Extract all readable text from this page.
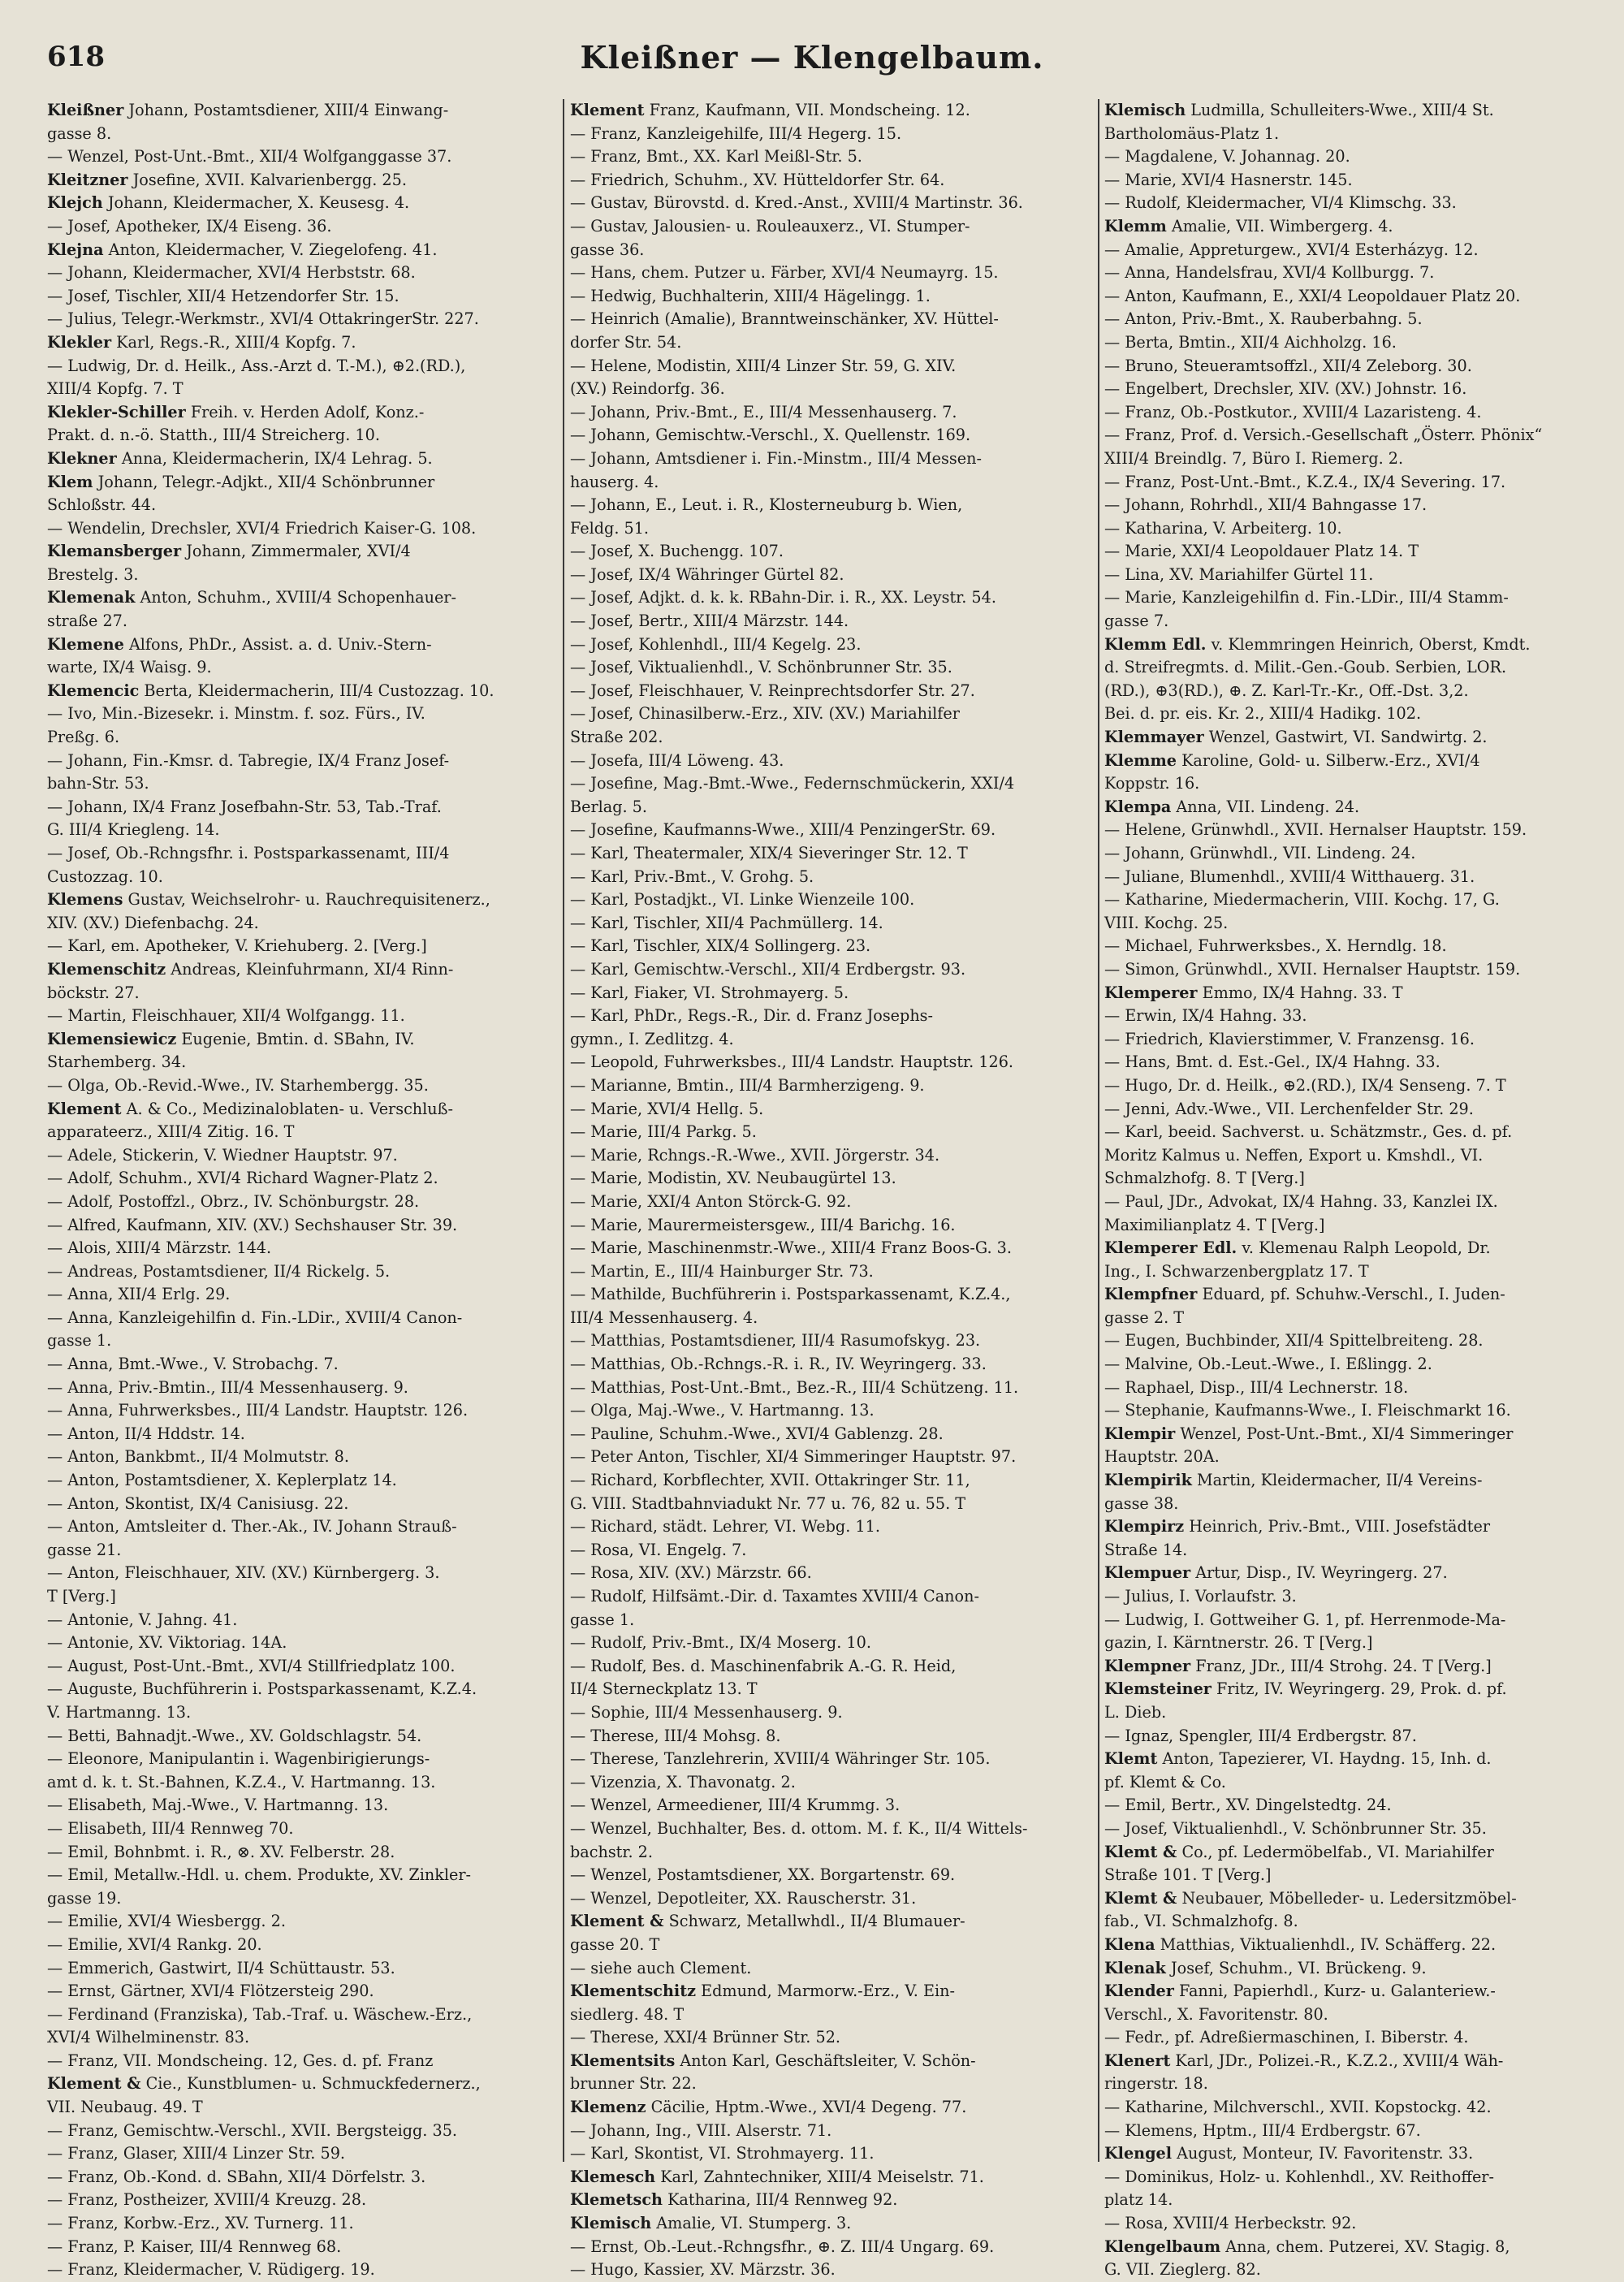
618	Kleißner — Klengelbaum.

Kleißner Johann, Postamtsdiener, XIII/4 Einwang-

gasse 8.

— Wenzel, Post-Unt.-Bmt., XII/4 Wolfganggasse 37.

Kleitzner Josefine, XVII. Kalvarienbergg. 25.

Klejch Johann, Kleidermacher, X. Keusesg. 4.

— Josef, Apotheker, IX/4 Eiseng. 36.

Klejna Anton, Kleidermacher, V. Ziegelofeng. 41.

— Johann, Kleidermacher, XVI/4 Herbststr. 68.

— Josef, Tischler, XII/4 Hetzendorfer Str. 15.

— Julius, Telegr.-Werkmstr., XVI/4 OttakringerStr. 227.

Klekler Karl, Regs.-R., XIII/4 Kopfg. 7.

— Ludwig, Dr. d. Heilk., Ass.-Arzt d. T.-M.), ⊕2.(RD.),

XIII/4 Kopfg. 7. T

Klekler-Schiller Freih. v. Herden Adolf, Konz.-

Prakt. d. n.-ö. Statth., III/4 Streicherg. 10.

Klekner Anna, Kleidermacherin, IX/4 Lehrag. 5.

Klem Johann, Telegr.-Adjkt., XII/4 Schönbrunner

Schloßstr. 44.

— Wendelin, Drechsler, XVI/4 Friedrich Kaiser-G. 108.

Klemansberger Johann, Zimmermaler, XVI/4

Brestelg. 3.

Klemenak Anton, Schuhm., XVIII/4 Schopenhauer-

straße 27.

Klemene Alfons, PhDr., Assist. a. d. Univ.-Stern-

warte, IX/4 Waisg. 9.

Klemencic Berta, Kleidermacherin, III/4 Custozzag. 10.

— Ivo, Min.-Bizesekr. i. Minstm. f. soz. Fürs., IV.

Preßg. 6.

— Johann, Fin.-Kmsr. d. Tabregie, IX/4 Franz Josef-

bahn-Str. 53.

— Johann, IX/4 Franz Josefbahn-Str. 53, Tab.-Traf.

G. III/4 Kriegleng. 14.

— Josef, Ob.-Rchngsfhr. i. Postsparkassenamt, III/4

Custozzag. 10.

Klemens Gustav, Weichselrohr- u. Rauchrequisitenerz.,

XIV. (XV.) Diefenbachg. 24.

— Karl, em. Apotheker, V. Kriehuberg. 2. [Verg.]

Klemenschitz Andreas, Kleinfuhrmann, XI/4 Rinn-

böckstr. 27.

— Martin, Fleischhauer, XII/4 Wolfgangg. 11.

Klemensiewicz Eugenie, Bmtin. d. SBahn, IV.

Starhemberg. 34.

— Olga, Ob.-Revid.-Wwe., IV. Starhembergg. 35.

Klement A. & Co., Medizinaloblaten- u. Verschluß-

apparateerz., XIII/4 Zitig. 16. T

— Adele, Stickerin, V. Wiedner Hauptstr. 97.

— Adolf, Schuhm., XVI/4 Richard Wagner-Platz 2.

— Adolf, Postoffzl., Obrz., IV. Schönburgstr. 28.

— Alfred, Kaufmann, XIV. (XV.) Sechshauser Str. 39.

— Alois, XIII/4 Märzstr. 144.

— Andreas, Postamtsdiener, II/4 Rickelg. 5.

— Anna, XII/4 Erlg. 29.

— Anna, Kanzleigehilfin d. Fin.-LDir., XVIII/4 Canon-

gasse 1.

— Anna, Bmt.-Wwe., V. Strobachg. 7.

— Anna, Priv.-Bmtin., III/4 Messenhauserg. 9.

— Anna, Fuhrwerksbes., III/4 Landstr. Hauptstr. 126.

— Anton, II/4 Hddstr. 14.

— Anton, Bankbmt., II/4 Molmutstr. 8.

— Anton, Postamtsdiener, X. Keplerplatz 14.

— Anton, Skontist, IX/4 Canisiusg. 22.

— Anton, Amtsleiter d. Ther.-Ak., IV. Johann Strauß-

gasse 21.

— Anton, Fleischhauer, XIV. (XV.) Kürnbergerg. 3.

T [Verg.]

— Antonie, V. Jahng. 41.

— Antonie, XV. Viktoriag. 14A.

— August, Post-Unt.-Bmt., XVI/4 Stillfriedplatz 100.

— Auguste, Buchführerin i. Postsparkassenamt, K.Z.4.

V. Hartmanng. 13.

— Betti, Bahnadjt.-Wwe., XV. Goldschlagstr. 54.

— Eleonore, Manipulantin i. Wagenbirigierungs-

amt d. k. t. St.-Bahnen, K.Z.4., V. Hartmanng. 13.

— Elisabeth, Maj.-Wwe., V. Hartmanng. 13.

— Elisabeth, III/4 Rennweg 70.

— Emil, Bohnbmt. i. R., ⊗. XV. Felberstr. 28.

— Emil, Metallw.-Hdl. u. chem. Produkte, XV. Zinkler-

gasse 19.

— Emilie, XVI/4 Wiesbergg. 2.

— Emilie, XVI/4 Rankg. 20.

— Emmerich, Gastwirt, II/4 Schüttaustr. 53.

— Ernst, Gärtner, XVI/4 Flötzersteig 290.

— Ferdinand (Franziska), Tab.-Traf. u. Wäschew.-Erz.,

XVI/4 Wilhelminenstr. 83.

— Franz, VII. Mondscheing. 12, Ges. d. pf. Franz

Klement & Cie., Kunstblumen- u. Schmuckfedernerz.,

VII. Neubaug. 49. T

— Franz, Gemischtw.-Verschl., XVII. Bergsteigg. 35.

— Franz, Glaser, XIII/4 Linzer Str. 59.

— Franz, Ob.-Kond. d. SBahn, XII/4 Dörfelstr. 3.

— Franz, Postheizer, XVIII/4 Kreuzg. 28.

— Franz, Korbw.-Erz., XV. Turnerg. 11.

— Franz, P. Kaiser, III/4 Rennweg 68.

— Franz, Kleidermacher, V. Rüdigerg. 19.

Klement Franz, Kaufmann, VII. Mondscheing. 12.

— Franz, Kanzleigehilfe, III/4 Hegerg. 15.

— Franz, Bmt., XX. Karl Meißl-Str. 5.

— Friedrich, Schuhm., XV. Hütteldorfer Str. 64.

— Gustav, Bürovstd. d. Kred.-Anst., XVIII/4 Martinstr. 36.

— Gustav, Jalousien- u. Rouleauxerz., VI. Stumper-

gasse 36.

— Hans, chem. Putzer u. Färber, XVI/4 Neumayrg. 15.

— Hedwig, Buchhalterin, XIII/4 Hägelingg. 1.

— Heinrich (Amalie), Branntweinschänker, XV. Hüttel-

dorfer Str. 54.

— Helene, Modistin, XIII/4 Linzer Str. 59, G. XIV.

(XV.) Reindorfg. 36.

— Johann, Priv.-Bmt., E., III/4 Messenhauserg. 7.

— Johann, Gemischtw.-Verschl., X. Quellenstr. 169.

— Johann, Amtsdiener i. Fin.-Minstm., III/4 Messen-

hauserg. 4.

— Johann, E., Leut. i. R., Klosterneuburg b. Wien,

Feldg. 51.

— Josef, X. Buchengg. 107.

— Josef, IX/4 Währinger Gürtel 82.

— Josef, Adjkt. d. k. k. RBahn-Dir. i. R., XX. Leystr. 54.

— Josef, Bertr., XIII/4 Märzstr. 144.

— Josef, Kohlenhdl., III/4 Kegelg. 23.

— Josef, Viktualienhdl., V. Schönbrunner Str. 35.

— Josef, Fleischhauer, V. Reinprechtsdorfer Str. 27.

— Josef, Chinasilberw.-Erz., XIV. (XV.) Mariahilfer

Straße 202.

— Josefa, III/4 Löweng. 43.

— Josefine, Mag.-Bmt.-Wwe., Federnschmückerin, XXI/4

Berlag. 5.

— Josefine, Kaufmanns-Wwe., XIII/4 PenzingerStr. 69.

— Karl, Theatermaler, XIX/4 Sieveringer Str. 12. T

— Karl, Priv.-Bmt., V. Grohg. 5.

— Karl, Postadjkt., VI. Linke Wienzeile 100.

— Karl, Tischler, XII/4 Pachmüllerg. 14.

— Karl, Tischler, XIX/4 Sollingerg. 23.

— Karl, Gemischtw.-Verschl., XII/4 Erdbergstr. 93.

— Karl, Fiaker, VI. Strohmayerg. 5.

— Karl, PhDr., Regs.-R., Dir. d. Franz Josephs-

gymn., I. Zedlitzg. 4.

— Leopold, Fuhrwerksbes., III/4 Landstr. Hauptstr. 126.

— Marianne, Bmtin., III/4 Barmherzigeng. 9.

— Marie, XVI/4 Hellg. 5.

— Marie, III/4 Parkg. 5.

— Marie, Rchngs.-R.-Wwe., XVII. Jörgerstr. 34.

— Marie, Modistin, XV. Neubaugürtel 13.

— Marie, XXI/4 Anton Störck-G. 92.

— Marie, Maurermeistersgew., III/4 Barichg. 16.

— Marie, Maschinenmstr.-Wwe., XIII/4 Franz Boos-G. 3.

— Martin, E., III/4 Hainburger Str. 73.

— Mathilde, Buchführerin i. Postsparkassenamt, K.Z.4.,

III/4 Messenhauserg. 4.

— Matthias, Postamtsdiener, III/4 Rasumofskyg. 23.

— Matthias, Ob.-Rchngs.-R. i. R., IV. Weyringerg. 33.

— Matthias, Post-Unt.-Bmt., Bez.-R., III/4 Schützeng. 11.

— Olga, Maj.-Wwe., V. Hartmanng. 13.

— Pauline, Schuhm.-Wwe., XVI/4 Gablenzg. 28.

— Peter Anton, Tischler, XI/4 Simmeringer Hauptstr. 97.

— Richard, Korbflechter, XVII. Ottakringer Str. 11,

G. VIII. Stadtbahnviadukt Nr. 77 u. 76, 82 u. 55. T

— Richard, städt. Lehrer, VI. Webg. 11.

— Rosa, VI. Engelg. 7.

— Rosa, XIV. (XV.) Märzstr. 66.

— Rudolf, Hilfsämt.-Dir. d. Taxamtes XVIII/4 Canon-

gasse 1.

— Rudolf, Priv.-Bmt., IX/4 Moserg. 10.

— Rudolf, Bes. d. Maschinenfabrik A.-G. R. Heid,

II/4 Sterneckplatz 13. T

— Sophie, III/4 Messenhauserg. 9.

— Therese, III/4 Mohsg. 8.

— Therese, Tanzlehrerin, XVIII/4 Währinger Str. 105.

— Vizenzia, X. Thavonatg. 2.

— Wenzel, Armeediener, III/4 Krummg. 3.

— Wenzel, Buchhalter, Bes. d. ottom. M. f. K., II/4 Wittels-

bachstr. 2.

— Wenzel, Postamtsdiener, XX. Borgartenstr. 69.

— Wenzel, Depotleiter, XX. Rauscherstr. 31.

Klement & Schwarz, Metallwhdl., II/4 Blumauer-

gasse 20. T

— siehe auch Clement.

Klementschitz Edmund, Marmorw.-Erz., V. Ein-

siedlerg. 48. T

— Therese, XXI/4 Brünner Str. 52.

Klementsits Anton Karl, Geschäftsleiter, V. Schön-

brunner Str. 22.

Klemenz Cäcilie, Hptm.-Wwe., XVI/4 Degeng. 77.

— Johann, Ing., VIII. Alserstr. 71.

— Karl, Skontist, VI. Strohmayerg. 11.

Klemesch Karl, Zahntechniker, XIII/4 Meiselstr. 71.

Klemetsch Katharina, III/4 Rennweg 92.

Klemisch Amalie, VI. Stumperg. 3.

— Ernst, Ob.-Leut.-Rchngsfhr., ⊕. Z. III/4 Ungarg. 69.

— Hugo, Kassier, XV. Märzstr. 36.

Klemisch Ludmilla, Schulleiters-Wwe., XIII/4 St.

Bartholomäus-Platz 1.

— Magdalene, V. Johannag. 20.

— Marie, XVI/4 Hasnerstr. 145.

— Rudolf, Kleidermacher, VI/4 Klimschg. 33.

Klemm Amalie, VII. Wimbergerg. 4.

— Amalie, Appreturgew., XVI/4 Esterházyg. 12.

— Anna, Handelsfrau, XVI/4 Kollburgg. 7.

— Anton, Kaufmann, E., XXI/4 Leopoldauer Platz 20.

— Anton, Priv.-Bmt., X. Rauberbahng. 5.

— Berta, Bmtin., XII/4 Aichholzg. 16.

— Bruno, Steueramtsoffzl., XII/4 Zeleborg. 30.

— Engelbert, Drechsler, XIV. (XV.) Johnstr. 16.

— Franz, Ob.-Postkutor., XVIII/4 Lazaristeng. 4.

— Franz, Prof. d. Versich.-Gesellschaft „Österr. Phönix“

XIII/4 Breindlg. 7, Büro I. Riemerg. 2.

— Franz, Post-Unt.-Bmt., K.Z.4., IX/4 Severing. 17.

— Johann, Rohrhdl., XII/4 Bahngasse 17.

— Katharina, V. Arbeiterg. 10.

— Marie, XXI/4 Leopoldauer Platz 14. T

— Lina, XV. Mariahilfer Gürtel 11.

— Marie, Kanzleigehilfin d. Fin.-LDir., III/4 Stamm-

gasse 7.

Klemm Edl. v. Klemmringen Heinrich, Oberst, Kmdt.

d. Streifregmts. d. Milit.-Gen.-Goub. Serbien, LOR.

(RD.), ⊕3(RD.), ⊕. Z. Karl-Tr.-Kr., Off.-Dst. 3,2.

Bei. d. pr. eis. Kr. 2., XIII/4 Hadikg. 102.

Klemmayer Wenzel, Gastwirt, VI. Sandwirtg. 2.

Klemme Karoline, Gold- u. Silberw.-Erz., XVI/4

Koppstr. 16.

Klempa Anna, VII. Lindeng. 24.

— Helene, Grünwhdl., XVII. Hernalser Hauptstr. 159.

— Johann, Grünwhdl., VII. Lindeng. 24.

— Juliane, Blumenhdl., XVIII/4 Witthauerg. 31.

— Katharine, Miedermacherin, VIII. Kochg. 17, G.

VIII. Kochg. 25.

— Michael, Fuhrwerksbes., X. Herndlg. 18.

— Simon, Grünwhdl., XVII. Hernalser Hauptstr. 159.

Klemperer Emmo, IX/4 Hahng. 33. T

— Erwin, IX/4 Hahng. 33.

— Friedrich, Klavierstimmer, V. Franzensg. 16.

— Hans, Bmt. d. Est.-Gel., IX/4 Hahng. 33.

— Hugo, Dr. d. Heilk., ⊕2.(RD.), IX/4 Senseng. 7. T

— Jenni, Adv.-Wwe., VII. Lerchenfelder Str. 29.

— Karl, beeid. Sachverst. u. Schätzmstr., Ges. d. pf.

Moritz Kalmus u. Neffen, Export u. Kmshdl., VI.

Schmalzhofg. 8. T [Verg.]

— Paul, JDr., Advokat, IX/4 Hahng. 33, Kanzlei IX.

Maximilianplatz 4. T [Verg.]

Klemperer Edl. v. Klemenau Ralph Leopold, Dr.

Ing., I. Schwarzenbergplatz 17. T

Klempfner Eduard, pf. Schuhw.-Verschl., I. Juden-

gasse 2. T

— Eugen, Buchbinder, XII/4 Spittelbreiteng. 28.

— Malvine, Ob.-Leut.-Wwe., I. Eßlingg. 2.

— Raphael, Disp., III/4 Lechnerstr. 18.

— Stephanie, Kaufmanns-Wwe., I. Fleischmarkt 16.

Klempir Wenzel, Post-Unt.-Bmt., XI/4 Simmeringer

Hauptstr. 20A.

Klempirik Martin, Kleidermacher, II/4 Vereins-

gasse 38.

Klempirz Heinrich, Priv.-Bmt., VIII. Josefstädter

Straße 14.

Klempuer Artur, Disp., IV. Weyringerg. 27.

— Julius, I. Vorlaufstr. 3.

— Ludwig, I. Gottweiher G. 1, pf. Herrenmode-Ma-

gazin, I. Kärntnerstr. 26. T [Verg.]

Klempner Franz, JDr., III/4 Strohg. 24. T [Verg.]

Klemsteiner Fritz, IV. Weyringerg. 29, Prok. d. pf.

L. Dieb.

— Ignaz, Spengler, III/4 Erdbergstr. 87.

Klemt Anton, Tapezierer, VI. Haydng. 15, Inh. d.

pf. Klemt & Co.

— Emil, Bertr., XV. Dingelstedtg. 24.

— Josef, Viktualienhdl., V. Schönbrunner Str. 35.

Klemt & Co., pf. Ledermöbelfab., VI. Mariahilfer

Straße 101. T [Verg.]

Klemt & Neubauer, Möbelleder- u. Ledersitzmöbel-

fab., VI. Schmalzhofg. 8.

Klena Matthias, Viktualienhdl., IV. Schäfferg. 22.

Klenak Josef, Schuhm., VI. Brückeng. 9.

Klender Fanni, Papierhdl., Kurz- u. Galanteriew.-

Verschl., X. Favoritenstr. 80.

— Fedr., pf. Adreßiermaschinen, I. Biberstr. 4.

Klenert Karl, JDr., Polizei.-R., K.Z.2., XVIII/4 Wäh-

ringerstr. 18.

— Katharine, Milchverschl., XVII. Kopstockg. 42.

— Klemens, Hptm., III/4 Erdbergstr. 67.

Klengel August, Monteur, IV. Favoritenstr. 33.

— Dominikus, Holz- u. Kohlenhdl., XV. Reithoffer-

platz 14.

— Rosa, XVIII/4 Herbeckstr. 92.

Klengelbaum Anna, chem. Putzerei, XV. Stagig. 8,

G. VII. Zieglerg. 82.
